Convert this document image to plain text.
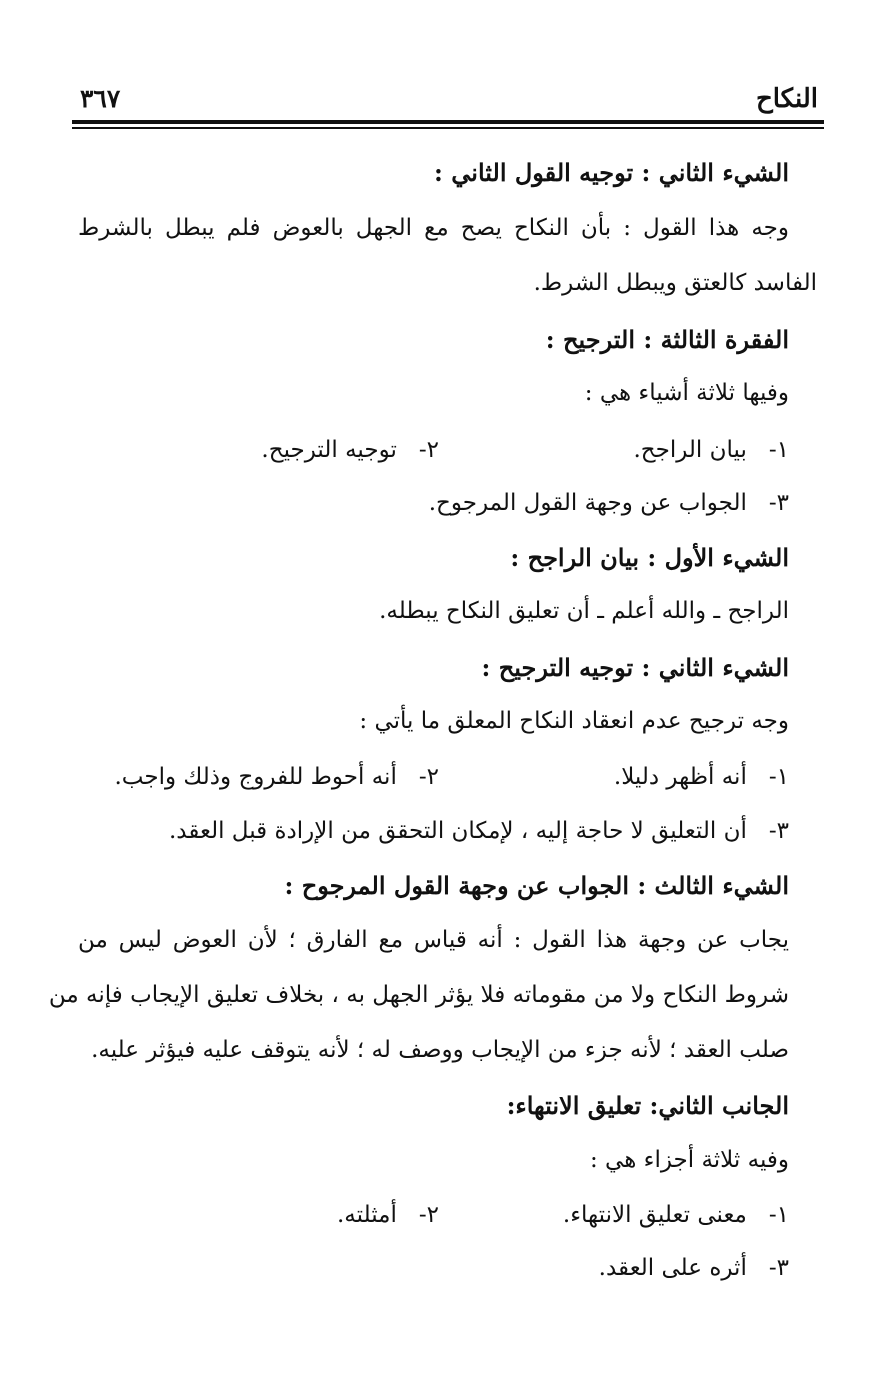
النكاح
٣٦٧
الشيء الثاني : توجيه القول الثاني :
وجه هذا القول : بأن النكاح يصح مع الجهل بالعوض فلم يبطل بالشرط
الفاسد كالعتق ويبطل الشرط.
الفقرة الثالثة : الترجيح :
وفيها ثلاثة أشياء هي :
١-بيان الراجح.
٢-توجيه الترجيح.
٣-الجواب عن وجهة القول المرجوح.
الشيء الأول : بيان الراجح :
الراجح ـ والله أعلم ـ أن تعليق النكاح يبطله.
الشيء الثاني : توجيه الترجيح :
وجه ترجيح عدم انعقاد النكاح المعلق ما يأتي :
١-أنه أظهر دليلا.
٢-أنه أحوط للفروج وذلك واجب.
٣-أن التعليق لا حاجة إليه ، لإمكان التحقق من الإرادة قبل العقد.
الشيء الثالث : الجواب عن وجهة القول المرجوح :
يجاب عن وجهة هذا القول : أنه قياس مع الفارق ؛ لأن العوض ليس من
شروط النكاح ولا من مقوماته فلا يؤثر الجهل به ، بخلاف تعليق الإيجاب فإنه من
صلب العقد ؛ لأنه جزء من الإيجاب ووصف له ؛ لأنه يتوقف عليه فيؤثر عليه.
الجانب الثاني: تعليق الانتهاء:
وفيه ثلاثة أجزاء هي :
١-معنى تعليق الانتهاء.
٢-أمثلته.
٣-أثره على العقد.
